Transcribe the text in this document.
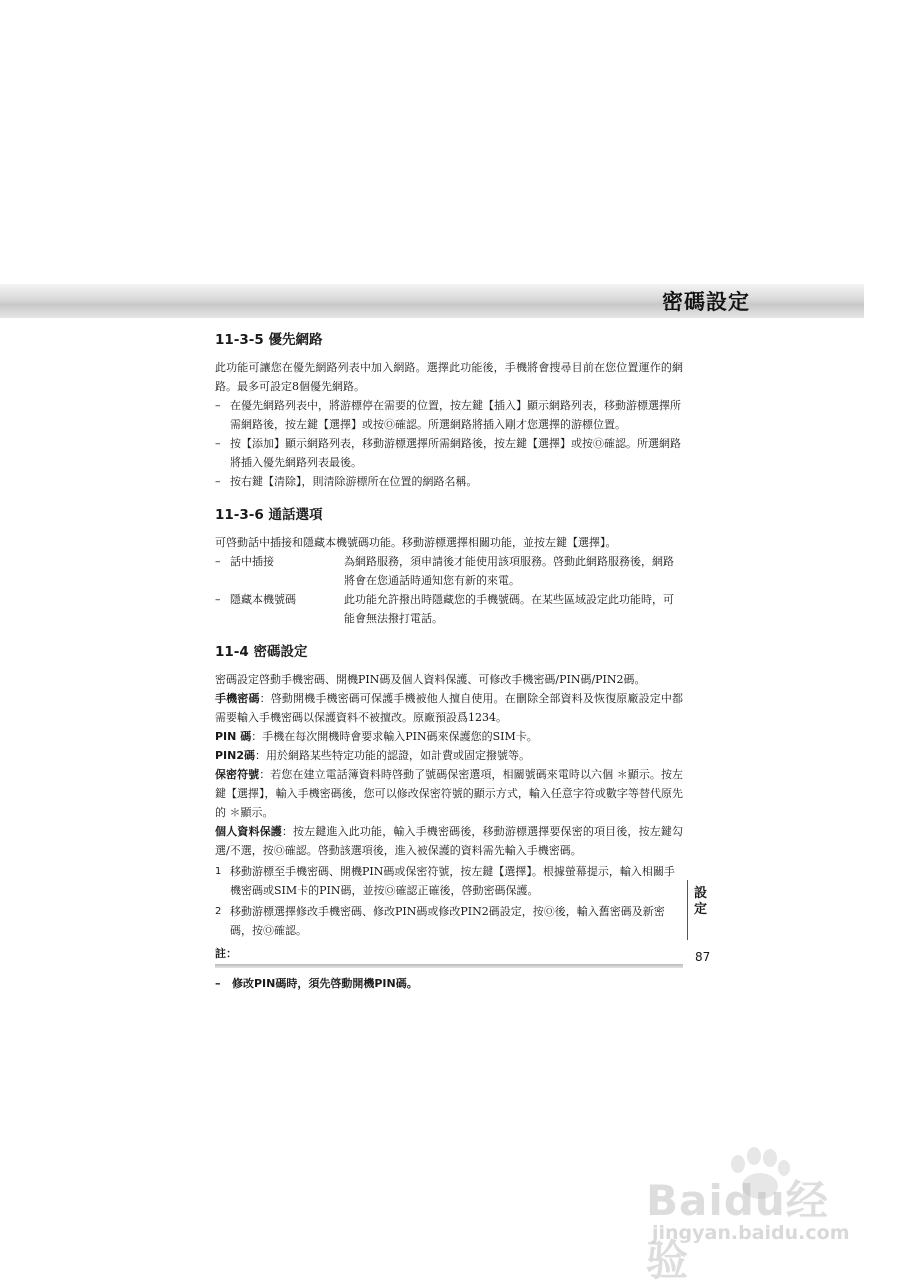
密碼設定
11-3-5 優先網路

此功能可讓您在優先網路列表中加入網路。選擇此功能後，手機將會搜尋目前在您位置運作的網路。最多可設定8個優先網路。

– 在優先網路列表中，將游標停在需要的位置，按左鍵【插入】顯示網路列表，移動游標選擇所需網路後，按左鍵【選擇】或按Ⓞ確認。所選網路將插入剛才您選擇的游標位置。
– 按【添加】顯示網路列表，移動游標選擇所需網路後，按左鍵【選擇】或按Ⓞ確認。所選網路將插入優先網路列表最後。
– 按右鍵【清除】，則清除游標所在位置的網路名稱。
11-3-6 通話選項

可啓動話中插接和隱藏本機號碼功能。移動游標選擇相關功能，並按左鍵【選擇】。

– 話中插接	為網路服務，須申請後才能使用該項服務。啓動此網路服務後，網路將會在您通話時通知您有新的來電。
– 隱藏本機號碼	此功能允許撥出時隱藏您的手機號碼。在某些區域設定此功能時，可能會無法撥打電話。
11-4 密碼設定

密碼設定啓動手機密碼、開機PIN碼及個人資料保護、可修改手機密碼/PIN碼/PIN2碼。

手機密碼：啓動開機手機密碼可保護手機被他人擅自使用。在刪除全部資料及恢復原廠設定中都需要輸入手機密碼以保護資料不被擅改。原廠預設爲1234。

PIN 碼：手機在每次開機時會要求輸入PIN碼來保護您的SIM卡。

PIN2碼：用於網路某些特定功能的認證，如計費或固定撥號等。

保密符號：若您在建立電話簿資料時啓動了號碼保密選項，相關號碼來電時以六個 ＊顯示。按左鍵【選擇】，輸入手機密碼後，您可以修改保密符號的顯示方式，輸入任意字符或數字等替代原先的 ＊顯示。

個人資料保護：按左鍵進入此功能，輸入手機密碼後，移動游標選擇要保密的項目後，按左鍵勾選/不選，按Ⓞ確認。啓動該選項後，進入被保護的資料需先輸入手機密碼。

1 移動游標至手機密碼、開機PIN碼或保密符號，按左鍵【選擇】。根據螢幕提示，輸入相關手機密碼或SIM卡的PIN碼，並按Ⓞ確認正確後，啓動密碼保護。
2 移動游標選擇修改手機密碼、修改PIN碼或修改PIN2碼設定，按Ⓞ後，輸入舊密碼及新密碼，按Ⓞ確認。
註：
–	修改PIN碼時，須先啓動開機PIN碼。
設定
87
Baidu经验
jingyan.baidu.com
